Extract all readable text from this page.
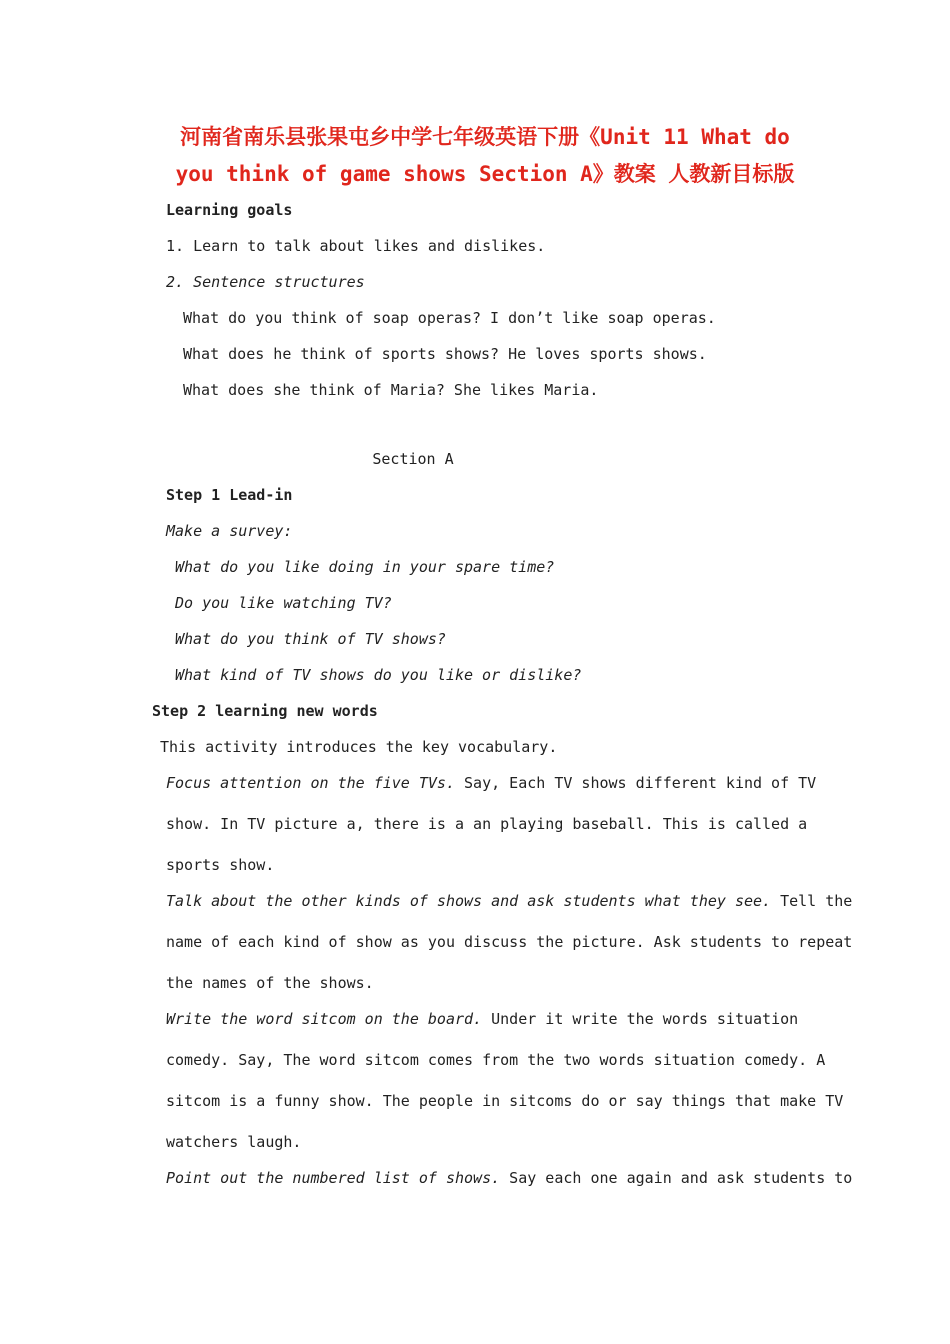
河南省南乐县张果屯乡中学七年级英语下册《Unit 11 What do
you think of game shows Section A》教案 人教新目标版
Learning goals
1. Learn to talk about likes and dislikes.
2. Sentence structures
What do you think of soap operas? I don’t like soap operas.
What does he think of sports shows? He loves sports shows.
What does she think of Maria? She likes Maria.
Section A
Step 1 Lead-in
Make a survey:
What do you like doing in your spare time?
Do you like watching TV?
What do you think of TV shows?
What kind of TV shows do you like or dislike?
Step 2 learning new words
This activity introduces the key vocabulary.
Focus attention on the five TVs. Say, Each TV shows different kind of TV
show. In TV picture a, there is a an playing baseball. This is called a
sports show.
Talk about the other kinds of shows and ask students what they see. Tell the
name of each kind of show as you discuss the picture. Ask students to repeat
the names of the shows.
Write the word sitcom on the board. Under it write the words situation
comedy. Say, The word sitcom comes from the two words situation comedy. A
sitcom is a funny show. The people in sitcoms do or say things that make TV
watchers laugh.
Point out the numbered list of shows. Say each one again and ask students to
